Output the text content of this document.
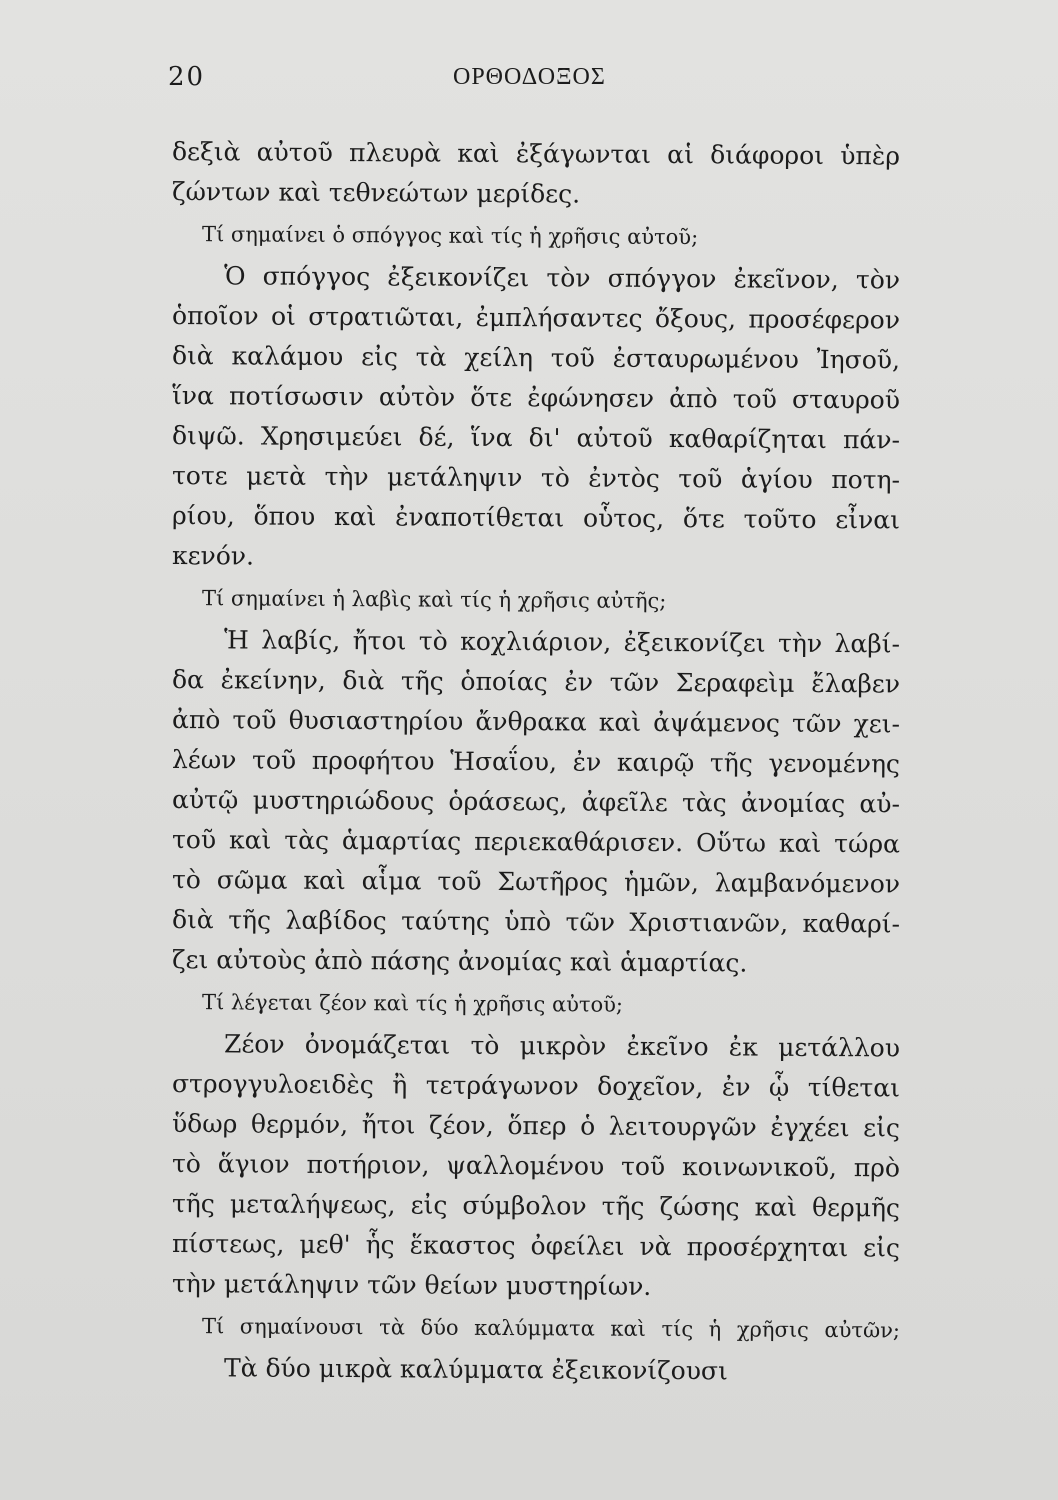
20	ΟΡΘΟΔΟΞΟΣ
δεξιὰ αὐτοῦ πλευρὰ καὶ ἐξάγωνται αἱ διάφοροι ὑπὲρ
ζώντων καὶ τεθνεώτων μερίδες.
Τί σημαίνει ὁ σπόγγος καὶ τίς ἡ χρῆσις αὐτοῦ;
Ὁ σπόγγος ἐξεικονίζει τὸν σπόγγον ἐκεῖνον, τὸν
ὁποῖον οἱ στρατιῶται, ἐμπλήσαντες ὄξους, προσέφερον
διὰ καλάμου εἰς τὰ χείλη τοῦ ἐσταυρωμένου Ἰησοῦ,
ἵνα ποτίσωσιν αὐτὸν ὅτε ἐφώνησεν ἀπὸ τοῦ σταυροῦ
διψῶ. Χρησιμεύει δέ, ἵνα δι' αὐτοῦ καθαρίζηται πάν-
τοτε μετὰ τὴν μετάληψιν τὸ ἐντὸς τοῦ ἁγίου ποτη-
ρίου, ὅπου καὶ ἐναποτίθεται οὗτος, ὅτε τοῦτο εἶναι
κενόν.
Τί σημαίνει ἡ λαβὶς καὶ τίς ἡ χρῆσις αὐτῆς;
Ἡ λαβίς, ἤτοι τὸ κοχλιάριον, ἐξεικονίζει τὴν λαβί-
δα ἐκείνην, διὰ τῆς ὁποίας ἐν τῶν Σεραφεὶμ ἔλαβεν
ἀπὸ τοῦ θυσιαστηρίου ἄνθρακα καὶ ἀψάμενος τῶν χει-
λέων τοῦ προφήτου Ἡσαΐου, ἐν καιρῷ τῆς γενομένης
αὐτῷ μυστηριώδους ὁράσεως, ἀφεῖλε τὰς ἀνομίας αὐ-
τοῦ καὶ τὰς ἁμαρτίας περιεκαθάρισεν. Οὕτω καὶ τώρα
τὸ σῶμα καὶ αἷμα τοῦ Σωτῆρος ἡμῶν, λαμβανόμενον
διὰ τῆς λαβίδος ταύτης ὑπὸ τῶν Χριστιανῶν, καθαρί-
ζει αὐτοὺς ἀπὸ πάσης ἀνομίας καὶ ἁμαρτίας.
Τί λέγεται ζέον καὶ τίς ἡ χρῆσις αὐτοῦ;
Ζέον ὀνομάζεται τὸ μικρὸν ἐκεῖνο ἐκ μετάλλου
στρογγυλοειδὲς ἢ τετράγωνον δοχεῖον, ἐν ᾧ τίθεται
ὕδωρ θερμόν, ἤτοι ζέον, ὅπερ ὁ λειτουργῶν ἐγχέει εἰς
τὸ ἅγιον ποτήριον, ψαλλομένου τοῦ κοινωνικοῦ, πρὸ
τῆς μεταλήψεως, εἰς σύμβολον τῆς ζώσης καὶ θερμῆς
πίστεως, μεθ' ἧς ἕκαστος ὀφείλει νὰ προσέρχηται εἰς
τὴν μετάληψιν τῶν θείων μυστηρίων.
Τί σημαίνουσι τὰ δύο καλύμματα καὶ τίς ἡ χρῆσις αὐτῶν;
Τὰ δύο μικρὰ καλύμματα ἐξεικονίζουσι
